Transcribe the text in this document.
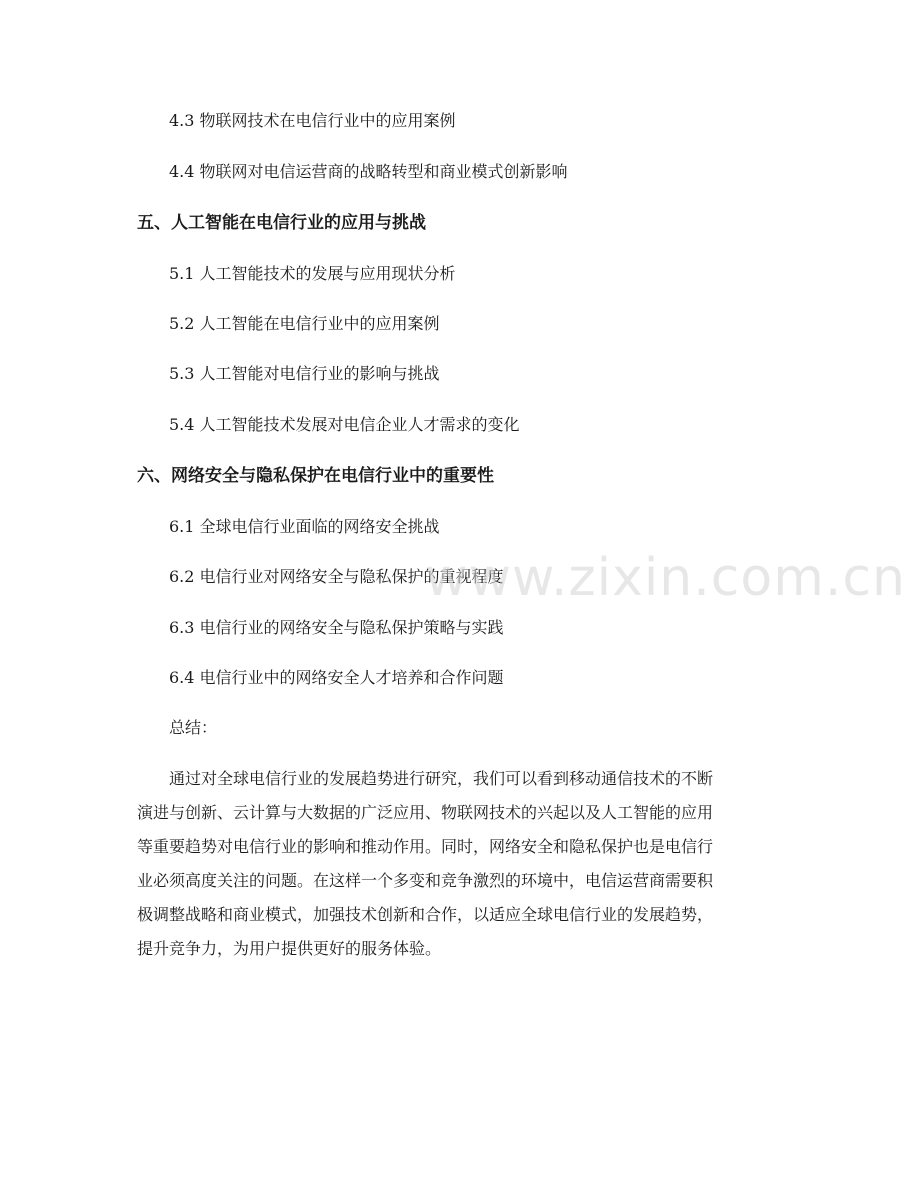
4.3 物联网技术在电信行业中的应用案例
4.4 物联网对电信运营商的战略转型和商业模式创新影响
五、人工智能在电信行业的应用与挑战
5.1 人工智能技术的发展与应用现状分析
5.2 人工智能在电信行业中的应用案例
5.3 人工智能对电信行业的影响与挑战
5.4 人工智能技术发展对电信企业人才需求的变化
六、网络安全与隐私保护在电信行业中的重要性
6.1 全球电信行业面临的网络安全挑战
6.2 电信行业对网络安全与隐私保护的重视程度
6.3 电信行业的网络安全与隐私保护策略与实践
6.4 电信行业中的网络安全人才培养和合作问题
总结：
　　通过对全球电信行业的发展趋势进行研究，我们可以看到移动通信技术的不断
演进与创新、云计算与大数据的广泛应用、物联网技术的兴起以及人工智能的应用
等重要趋势对电信行业的影响和推动作用。同时，网络安全和隐私保护也是电信行
业必须高度关注的问题。在这样一个多变和竞争激烈的环境中，电信运营商需要积
极调整战略和商业模式，加强技术创新和合作，以适应全球电信行业的发展趋势，
提升竞争力，为用户提供更好的服务体验。
www.zixin.com.cn
